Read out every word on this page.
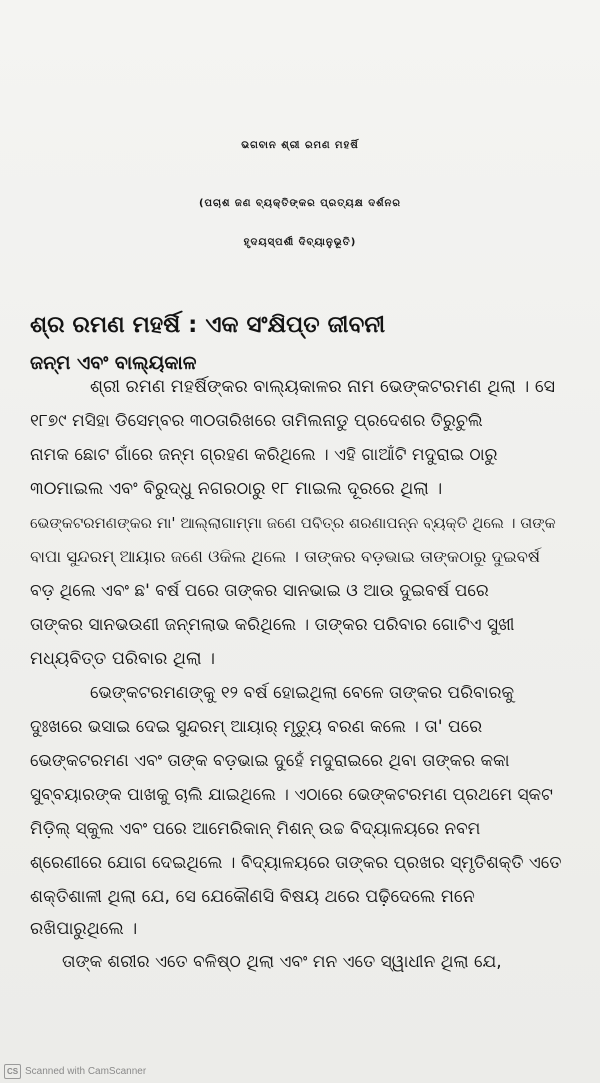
ଭଗବାନ ଶ୍ରୀ ରମଣ ମହର୍ଷି

(ପଚାଶ ଜଣ ବ୍ୟକ୍ତିଙ୍କର ପ୍ରତ୍ୟକ୍ଷ ଦର୍ଶନର

ହୃଦୟସ୍ପର୍ଶୀ ଦିବ୍ୟାନୁଭୂତି)

ଶ୍ର ରମଣ ମହର୍ଷି : ଏକ ସଂକ୍ଷିପ୍ତ ଜୀବନୀ
ଜନ୍ମ ଏବଂ ବାଲ୍ୟକାଳ

ଶ୍ରୀ ରମଣ ମହର୍ଷିଙ୍କର ବାଲ୍ୟକାଳର ନାମ ଭେଙ୍କଟରମଣ ଥିଲା । ସେ

୧୮୭୯ ମସିହା ଡିସେମ୍ବର ୩୦ତାରିଖରେ ତାମିଲନାଡୁ ପ୍ରଦେଶର ତିରୁଚୁଲି

ନାମକ ଛୋଟ ଗାଁରେ ଜନ୍ମ ଗ୍ରହଣ କରିଥିଲେ । ଏହି ଗାଆଁଟି ମଦୁରାଇ ଠାରୁ

୩୦ମାଇଲ ଏବଂ ବିରୁଦ୍ଧୁ ନଗରଠାରୁ ୧୮ ମାଇଲ ଦୂରରେ ଥିଲା ।

ଭେଙ୍କଟରମଣଙ୍କର ମା' ଆଲ୍ଲାଗାମ୍ମା ଜଣେ ପବିତ୍ର ଶରଣାପନ୍ନ ବ୍ୟକ୍ତି ଥିଲେ । ତାଙ୍କ

ବାପା ସୁନ୍ଦରମ୍ ଆୟାର ଜଣେ ଓକିଲ ଥିଲେ । ତାଙ୍କର ବଡ଼ଭାଇ ତାଙ୍କଠାରୁ ଦୁଇବର୍ଷ

ବଡ଼ ଥିଲେ ଏବଂ ଛ' ବର୍ଷ ପରେ ତାଙ୍କର ସାନଭାଇ ଓ ଆଉ ଦୁଇବର୍ଷ ପରେ

ତାଙ୍କର ସାନଭଉଣୀ ଜନ୍ମଲାଭ କରିଥିଲେ । ତାଙ୍କର ପରିବାର ଗୋଟିଏ ସୁଖୀ

ମଧ୍ୟବିତ୍ତ ପରିବାର ଥିଲା ।

ଭେଙ୍କଟରମଣଙ୍କୁ ୧୨ ବର୍ଷ ହୋଇଥିଲା ବେଳେ ତାଙ୍କର ପରିବାରକୁ

ଦୁଃଖରେ ଭସାଇ ଦେଇ ସୁନ୍ଦରମ୍ ଆୟାର୍ ମୃତ୍ୟୁ ବରଣ କଲେ । ତା' ପରେ

ଭେଙ୍କଟରମଣ ଏବଂ ତାଙ୍କ ବଡ଼ଭାଇ ଦୁହେଁ ମଦୁରାଇରେ ଥିବା ତାଙ୍କର କକା

ସୁବ୍ବୟାରଙ୍କ ପାଖକୁ ଚାଲି ଯାଇଥିଲେ । ଏଠାରେ ଭେଙ୍କଟରମଣ ପ୍ରଥମେ ସ୍କଟ

ମିଡ଼ିଲ୍ ସ୍କୁଲ ଏବଂ ପରେ ଆମେରିକାନ୍ ମିଶନ୍ ଉଚ୍ଚ ବିଦ୍ୟାଳୟରେ ନବମ

ଶ୍ରେଣୀରେ ଯୋଗ ଦେଇଥିଲେ । ବିଦ୍ୟାଳୟରେ ତାଙ୍କର ପ୍ରଖର ସ୍ମୃତିଶକ୍ତି ଏତେ

ଶକ୍ତିଶାଳୀ ଥିଲା ଯେ, ସେ ଯେକୌଣସି ବିଷୟ ଥରେ ପଢ଼ିଦେଲେ ମନେ

ରଖିପାରୁଥିଲେ ।

ତାଙ୍କ ଶରୀର ଏତେ ବଳିଷ୍ଠ ଥିଲା ଏବଂ ମନ ଏତେ ସ୍ୱାଧୀନ ଥିଲା ଯେ,

CS Scanned with CamScanner
